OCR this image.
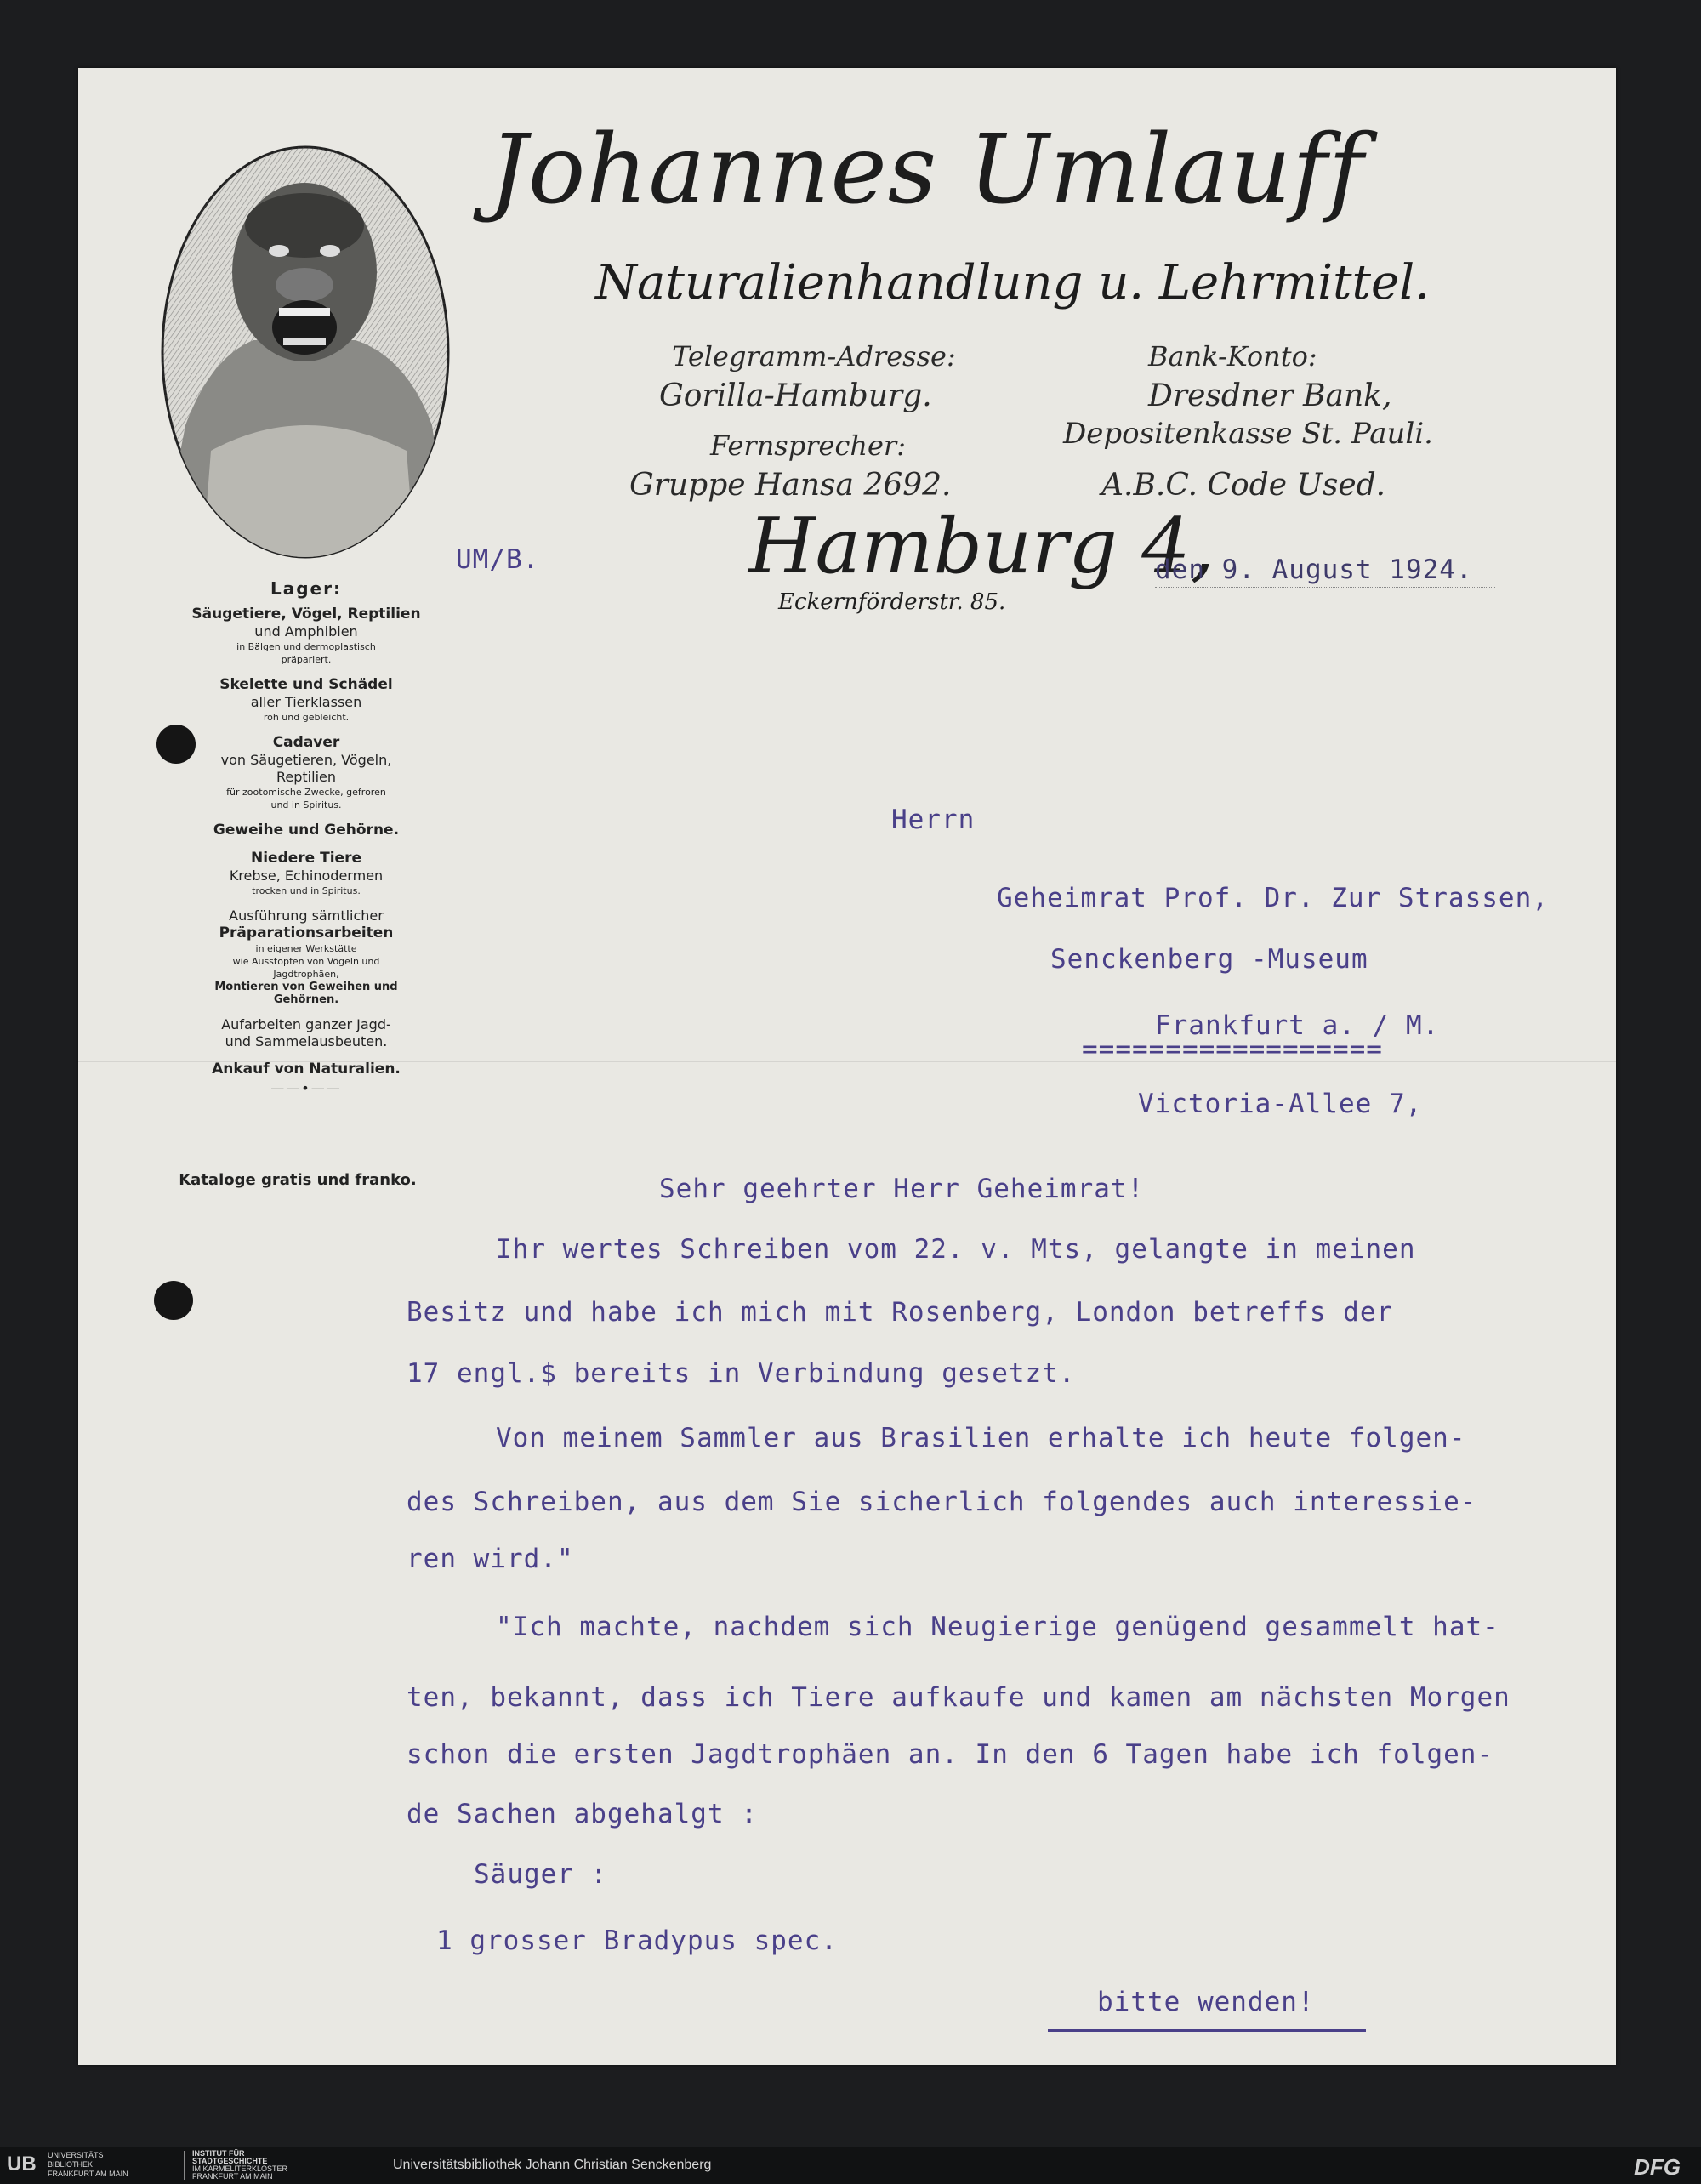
Johannes Umlauff
Naturalienhandlung u. Lehrmittel.
Telegramm-Adresse:
Gorilla-Hamburg.
Fernsprecher:
Gruppe Hansa 2692.
Bank-Konto:
Dresdner Bank,
Depositenkasse St. Pauli.
A.B.C. Code Used.
Hamburg 4,
Eckernförderstr. 85.
Lager:
Säugetiere, Vögel, Reptilien
und Amphibien
in Bälgen und dermoplastisch
präpariert.
Skelette und Schädel
aller Tierklassen
roh und gebleicht.
Cadaver
von Säugetieren, Vögeln,
Reptilien
für zootomische Zwecke, gefroren
und in Spiritus.
Geweihe und Gehörne.
Niedere Tiere
Krebse, Echinodermen
trocken und in Spiritus.
Ausführung sämtlicher
Präparationsarbeiten
in eigener Werkstätte
wie Ausstopfen von Vögeln und
Jagdtrophäen,
Montieren von Geweihen und
Gehörnen.
Aufarbeiten ganzer Jagd-
und Sammelausbeuten.
Ankauf von Naturalien.
——•——
Kataloge gratis und franko.
UM/B.	den 9. August 1924.
Herrn
Geheimrat Prof. Dr. Zur Strassen,
Senckenberg -Museum
Frankfurt a. / M.
==================
Victoria-Allee 7,
Sehr geehrter Herr Geheimrat!
Ihr wertes Schreiben vom 22. v. Mts, gelangte in meinen
Besitz und habe ich mich mit Rosenberg, London betreffs der
17 engl.$ bereits in Verbindung gesetzt.
Von meinem Sammler aus Brasilien erhalte ich heute folgen-
des Schreiben, aus dem Sie sicherlich folgendes auch interessie-
ren wird."
"Ich machte, nachdem sich Neugierige genügend gesammelt hat-
ten, bekannt, dass ich Tiere aufkaufe und kamen am nächsten Morgen
schon die ersten Jagdtrophäen an. In den 6 Tagen habe ich folgen-
de Sachen abgehalgt :
Säuger :
1 grosser Bradypus spec.
bitte wenden!
UB UNIVERSITÄTS
BIBLIOTHEK
FRANKFURT AM MAIN
INSTITUT FÜR
STADTGESCHICHTE
IM KARMELITERKLOSTER
FRANKFURT AM MAIN
Universitätsbibliothek Johann Christian Senckenberg	DFG
